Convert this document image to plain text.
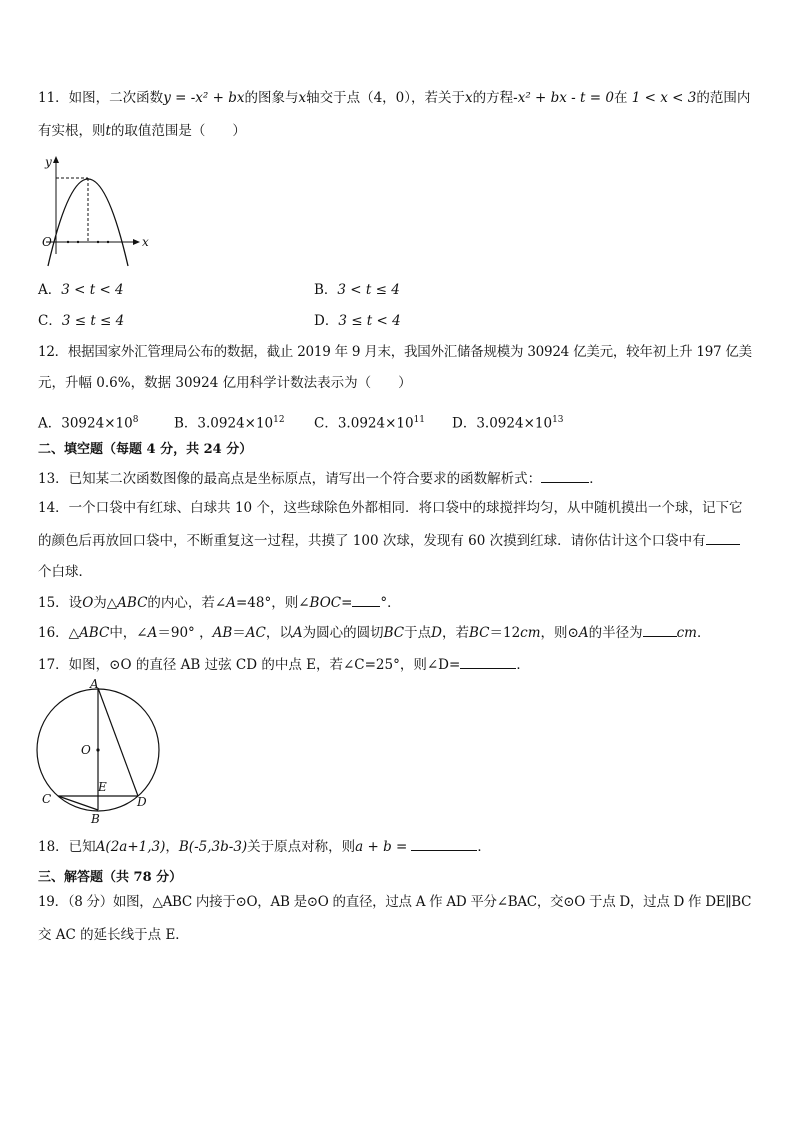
11．如图，二次函数y = -x² + bx的图象与x轴交于点（4，0），若关于x的方程-x² + bx - t = 0在 1 < x < 3的范围内
有实根，则t的取值范围是（　　）
y
x
O
A．3 < t < 4	B．3 < t ≤ 4
C．3 ≤ t ≤ 4	D．3 ≤ t < 4
12．根据国家外汇管理局公布的数据，截止 2019 年 9 月末，我国外汇储备规模为 30924 亿美元，较年初上升 197 亿美
元，升幅 0.6%，数据 30924 亿用科学计数法表示为（　　）
A．$30924\times 10^8$	B．$3.0924\times 10^{12}$ C．$3.0924\times 10^{11}$ D．$3.0924\times 10^{13}$
二、填空题（每题 4 分，共 24 分）
13．已知某二次函数图像的最高点是坐标原点，请写出一个符合要求的函数解析式：	．
14．一个口袋中有红球、白球共 10 个，这些球除色外都相同．将口袋中的球搅拌均匀，从中随机摸出一个球，记下它
的颜色后再放回口袋中，不断重复这一过程，共摸了 100 次球，发现有 60 次摸到红球．请你估计这个口袋中有
个白球．
15．设O为△ABC的内心，若∠A=48°，则∠BOC= °．
16．△ABC中，∠A＝90° ，AB＝AC，以A为圆心的圆切BC于点D，若BC＝12cm，则⊙A的半径为	cm．
17．如图，⊙O 的直径 AB 过弦 CD 的中点 E，若∠C=25°，则∠D=	．
A
O
E
C	D
B
18．已知A(2a+1,3)，B(-5,3b-3)关于原点对称，则a + b =	．
三、解答题（共 78 分）
19．（8 分）如图，△ABC 内接于⊙O，AB 是⊙O 的直径，过点 A 作 AD 平分∠BAC，交⊙O 于点 D，过点 D 作 DE∥BC
交 AC 的延长线于点 E．
